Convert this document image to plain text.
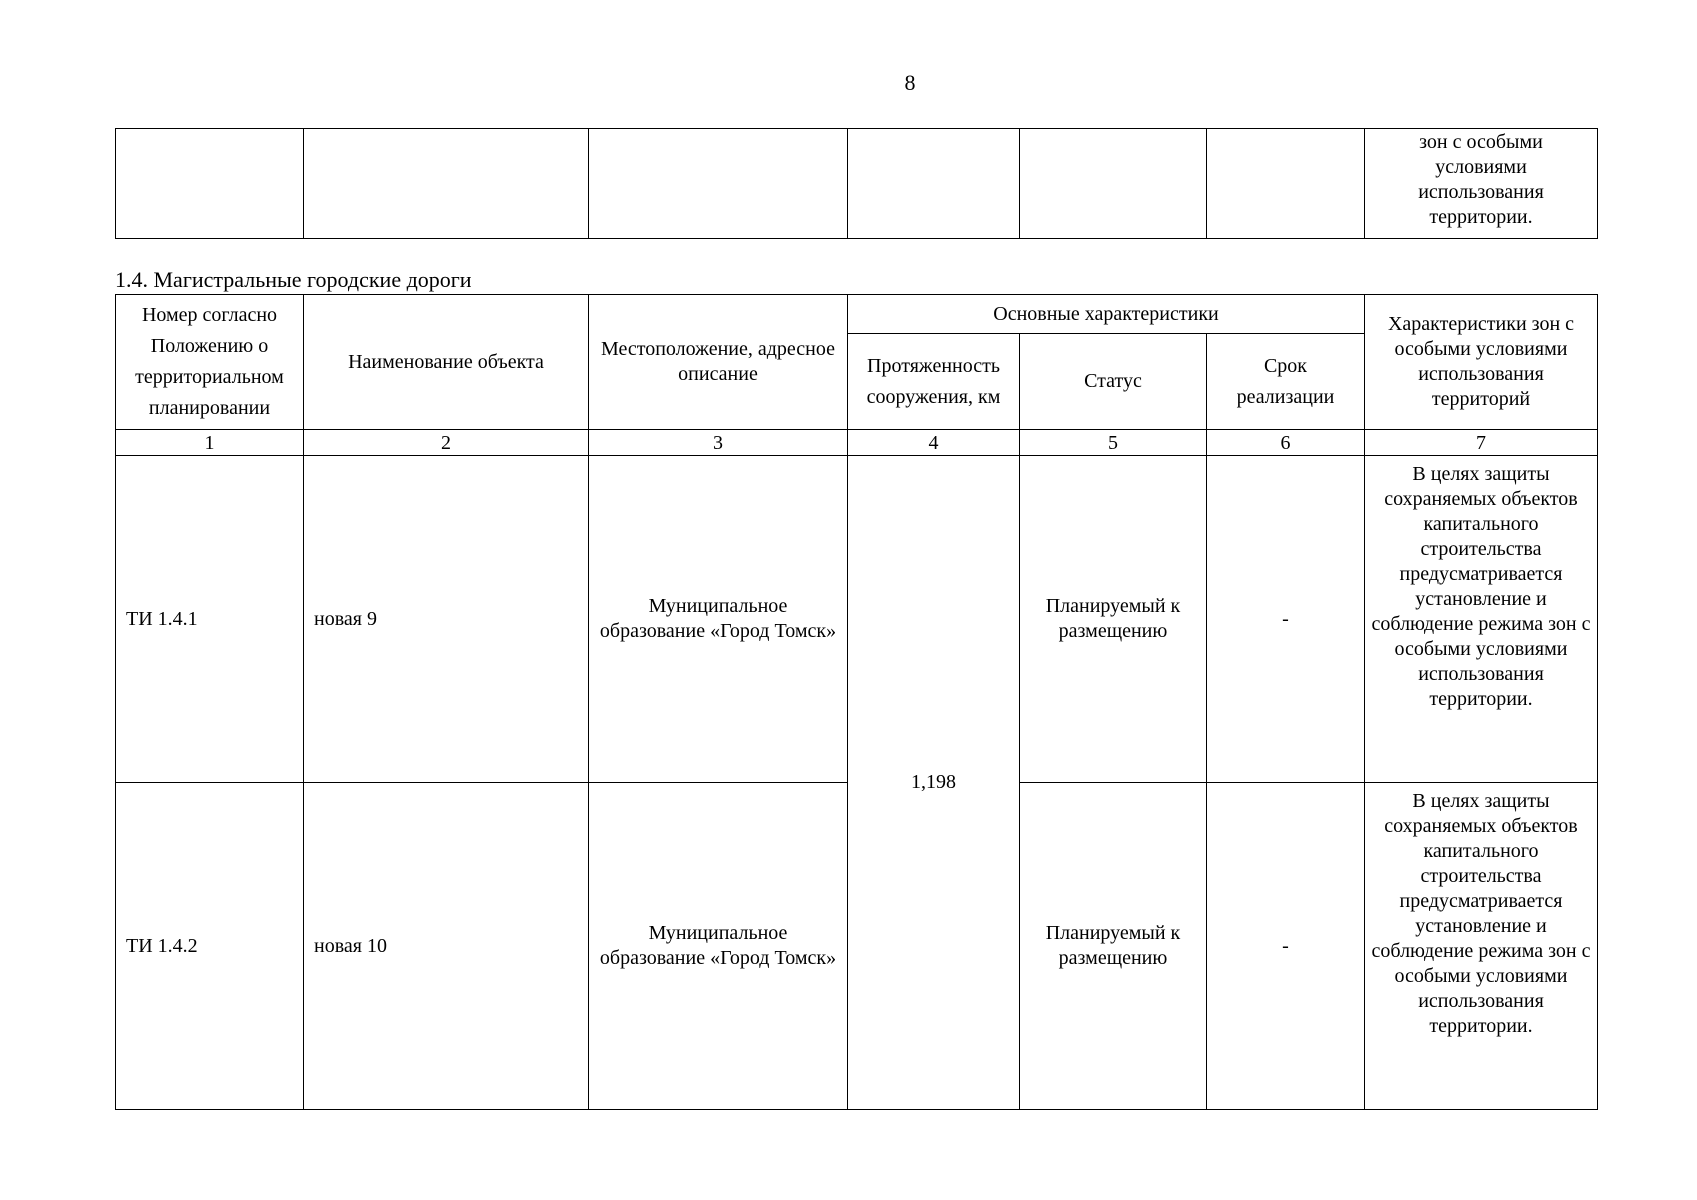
8
						зон с особыми условиями использования территории.
1.4. Магистральные городские дороги
Номер согласно Положению о территориальном планировании	Наименование объекта	Местоположение, адресное описание	Основные характеристики			Характеристики зон с особыми условиями использования территорий
			Протяженность сооружения, км	Статус	Срок реализации	
1	2	3	4	5	6	7
ТИ 1.4.1	новая 9	Муниципальное образование «Город Томск»	1,198	Планируемый к размещению	-	В целях защиты сохраняемых объектов капитального строительства предусматривается установление и соблюдение режима зон с особыми условиями использования территории.
ТИ 1.4.2	новая 10	Муниципальное образование «Город Томск»		Планируемый к размещению	-	В целях защиты сохраняемых объектов капитального строительства предусматривается установление и соблюдение режима зон с особыми условиями использования территории.
